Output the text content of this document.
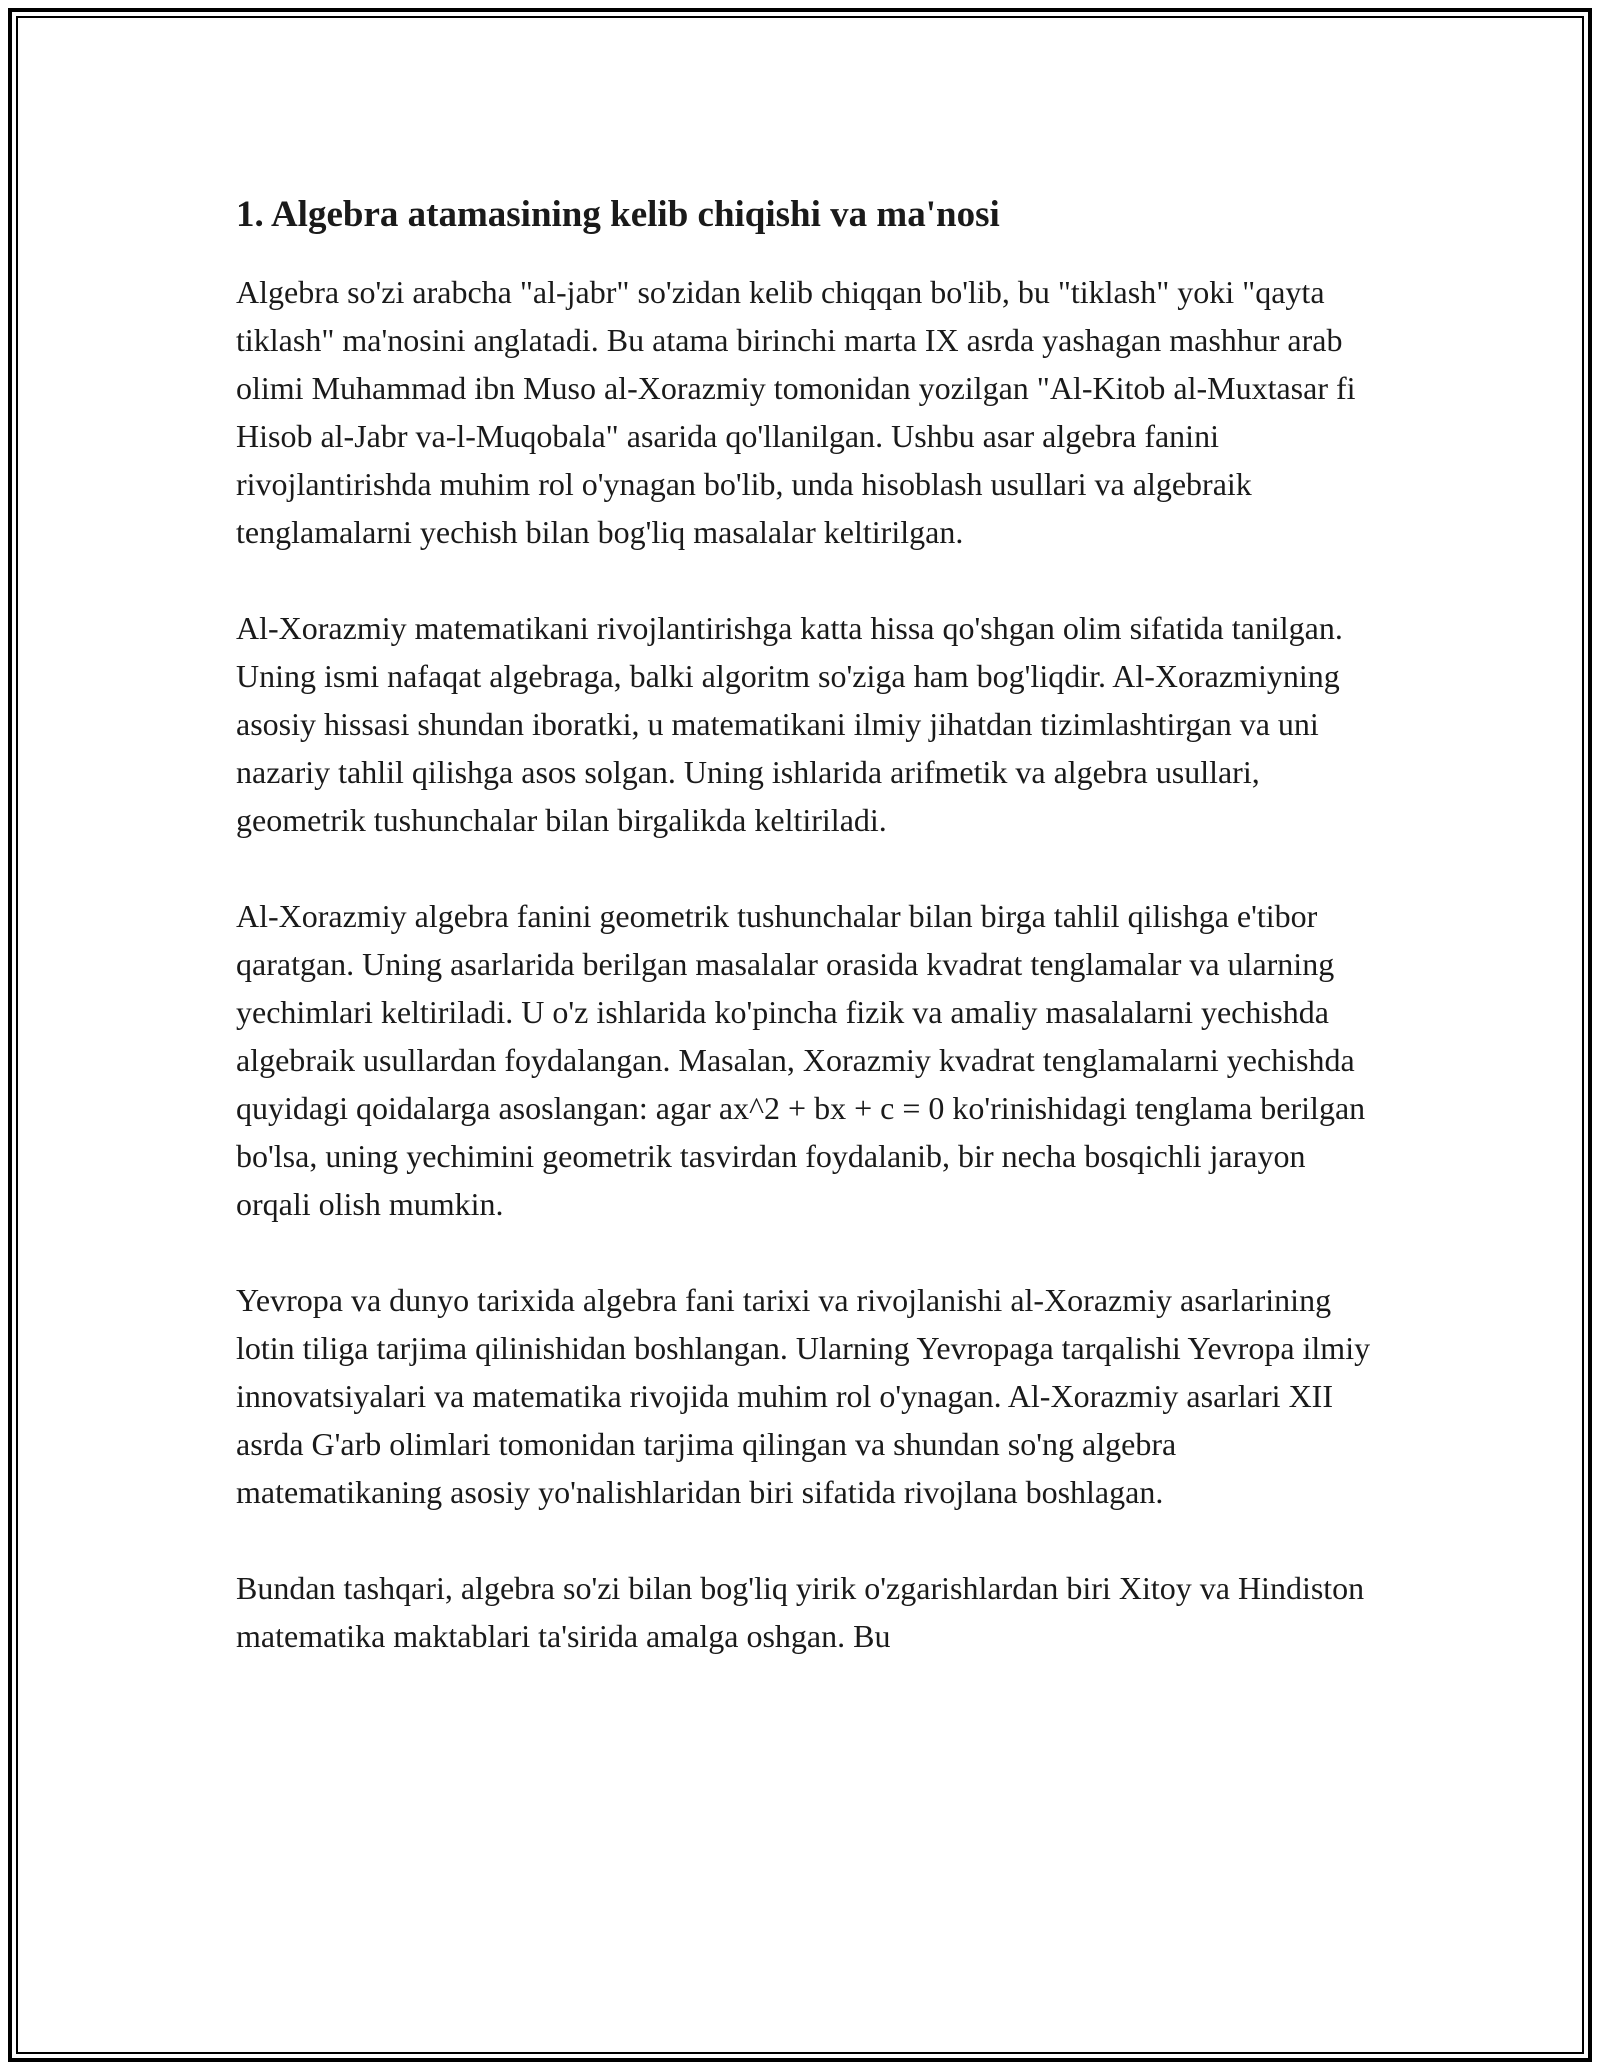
1. Algebra atamasining kelib chiqishi va ma'nosi

Algebra so'zi arabcha "al-jabr" so'zidan kelib chiqqan bo'lib, bu "tiklash" yoki "qayta tiklash" ma'nosini anglatadi. Bu atama birinchi marta IX asrda yashagan mashhur arab olimi Muhammad ibn Muso al-Xorazmiy tomonidan yozilgan "Al-Kitob al-Muxtasar fi Hisob al-Jabr va-l-Muqobala" asarida qo'llanilgan. Ushbu asar algebra fanini rivojlantirishda muhim rol o'ynagan bo'lib, unda hisoblash usullari va algebraik tenglamalarni yechish bilan bog'liq masalalar keltirilgan.

Al-Xorazmiy matematikani rivojlantirishga katta hissa qo'shgan olim sifatida tanilgan. Uning ismi nafaqat algebraga, balki algoritm so'ziga ham bog'liqdir. Al-Xorazmiyning asosiy hissasi shundan iboratki, u matematikani ilmiy jihatdan tizimlashtirgan va uni nazariy tahlil qilishga asos solgan. Uning ishlarida arifmetik va algebra usullari, geometrik tushunchalar bilan birgalikda keltiriladi.

Al-Xorazmiy algebra fanini geometrik tushunchalar bilan birga tahlil qilishga e'tibor qaratgan. Uning asarlarida berilgan masalalar orasida kvadrat tenglamalar va ularning yechimlari keltiriladi. U o'z ishlarida ko'pincha fizik va amaliy masalalarni yechishda algebraik usullardan foydalangan. Masalan, Xorazmiy kvadrat tenglamalarni yechishda quyidagi qoidalarga asoslangan: agar ax^2 + bx + c = 0 ko'rinishidagi tenglama berilgan bo'lsa, uning yechimini geometrik tasvirdan foydalanib, bir necha bosqichli jarayon orqali olish mumkin.

Yevropa va dunyo tarixida algebra fani tarixi va rivojlanishi al-Xorazmiy asarlarining lotin tiliga tarjima qilinishidan boshlangan. Ularning Yevropaga tarqalishi Yevropa ilmiy innovatsiyalari va matematika rivojida muhim rol o'ynagan. Al-Xorazmiy asarlari XII asrda G'arb olimlari tomonidan tarjima qilingan va shundan so'ng algebra matematikaning asosiy yo'nalishlaridan biri sifatida rivojlana boshlagan.

Bundan tashqari, algebra so'zi bilan bog'liq yirik o'zgarishlardan biri Xitoy va Hindiston matematika maktablari ta'sirida amalga oshgan. Bu
